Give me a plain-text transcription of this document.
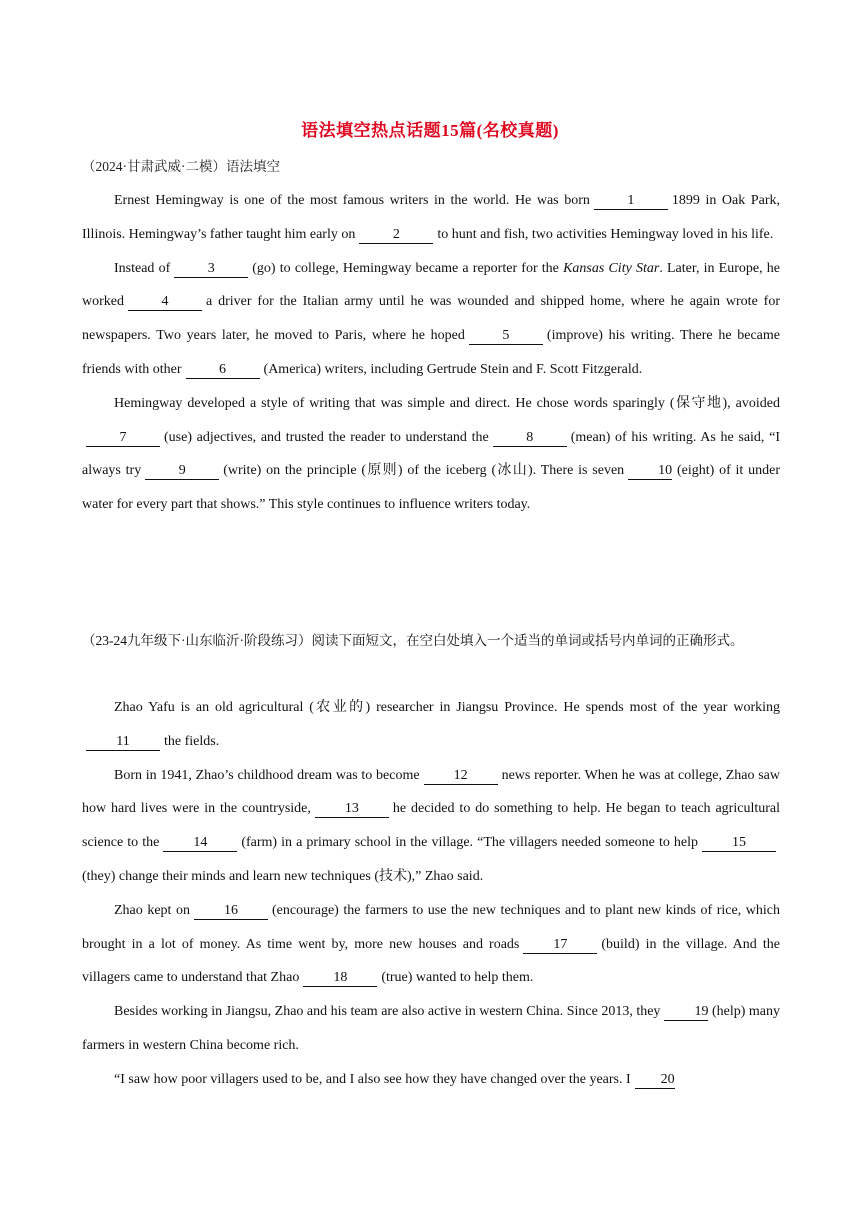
语法填空热点话题15篇(名校真题)
（2024·甘肃武威·二模）语法填空

Ernest Hemingway is one of the most famous writers in the world. He was born	1	1899 in Oak Park, Illinois. Hemingway’s father taught him early on	2	to hunt and fish, two activities Hemingway loved in his life.

Instead of	3	(go) to college, Hemingway became a reporter for the Kansas City Star. Later, in Europe, he worked	4	a driver for the Italian army until he was wounded and shipped home, where he again wrote for newspapers. Two years later, he moved to Paris, where he hoped	5	(improve) his writing. There he became friends with other	6	(America) writers, including Gertrude Stein and F. Scott Fitzgerald.

Hemingway developed a style of writing that was simple and direct. He chose words sparingly (保守地), avoided7	(use) adjectives, and trusted the reader to understand the	8	(mean) of his writing. As he said, “I always try	9	(write) on the principle (原则) of the iceberg (冰山). There is seven 10 (eight) of it under water for every part that shows.” This style continues to influence writers today.

（23-24九年级下·山东临沂·阶段练习）阅读下面短文，在空白处填入一个适当的单词或括号内单词的正确形式。

Zhao Yafu is an old agricultural (农业的) researcher in Jiangsu Province. He spends most of the year working11 the fields.

Born in 1941, Zhao’s childhood dream was to become 12 news reporter. When he was at college, Zhao saw how hard lives were in the countryside, 13 he decided to do something to help. He began to teach agricultural science to the 14 (farm) in a primary school in the village. “The villagers needed someone to help 15(they) change their minds and learn new techniques (技术),” Zhao said.

Zhao kept on 16 (encourage) the farmers to use the new techniques and to plant new kinds of rice, which brought in a lot of money. As time went by, more new houses and roads 17 (build) in the village. And the villagers came to understand that Zhao 18 (true) wanted to help them.

Besides working in Jiangsu, Zhao and his team are also active in western China. Since 2013, they 19 (help) many farmers in western China become rich.

“I saw how poor villagers used to be, and I also see how they have changed over the years. I 20
